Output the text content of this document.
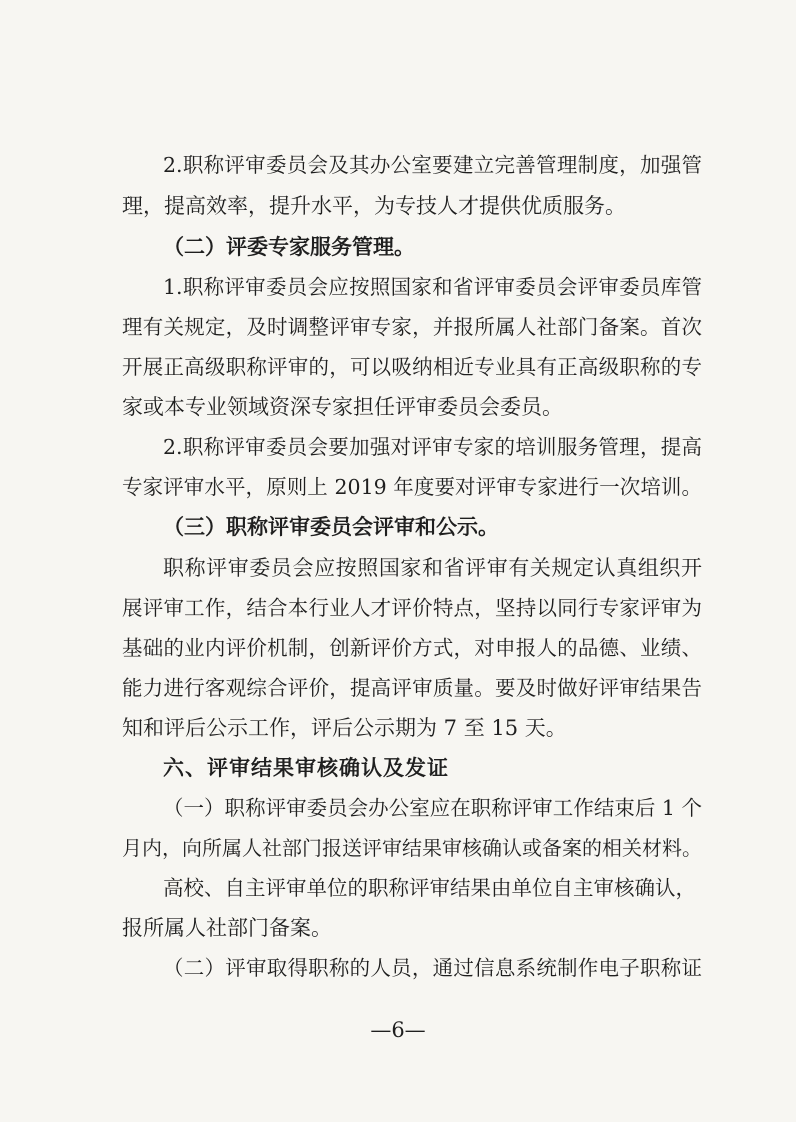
2.职称评审委员会及其办公室要建立完善管理制度，加强管
理，提高效率，提升水平，为专技人才提供优质服务。
（二）评委专家服务管理。
1.职称评审委员会应按照国家和省评审委员会评审委员库管
理有关规定，及时调整评审专家，并报所属人社部门备案。首次
开展正高级职称评审的，可以吸纳相近专业具有正高级职称的专
家或本专业领域资深专家担任评审委员会委员。
2.职称评审委员会要加强对评审专家的培训服务管理，提高
专家评审水平，原则上 2019 年度要对评审专家进行一次培训。
（三）职称评审委员会评审和公示。
职称评审委员会应按照国家和省评审有关规定认真组织开
展评审工作，结合本行业人才评价特点，坚持以同行专家评审为
基础的业内评价机制，创新评价方式，对申报人的品德、业绩、
能力进行客观综合评价，提高评审质量。要及时做好评审结果告
知和评后公示工作，评后公示期为 7 至 15 天。
六、评审结果审核确认及发证
（一）职称评审委员会办公室应在职称评审工作结束后 1 个
月内，向所属人社部门报送评审结果审核确认或备案的相关材料。
高校、自主评审单位的职称评审结果由单位自主审核确认，
报所属人社部门备案。
（二）评审取得职称的人员，通过信息系统制作电子职称证
—6—
